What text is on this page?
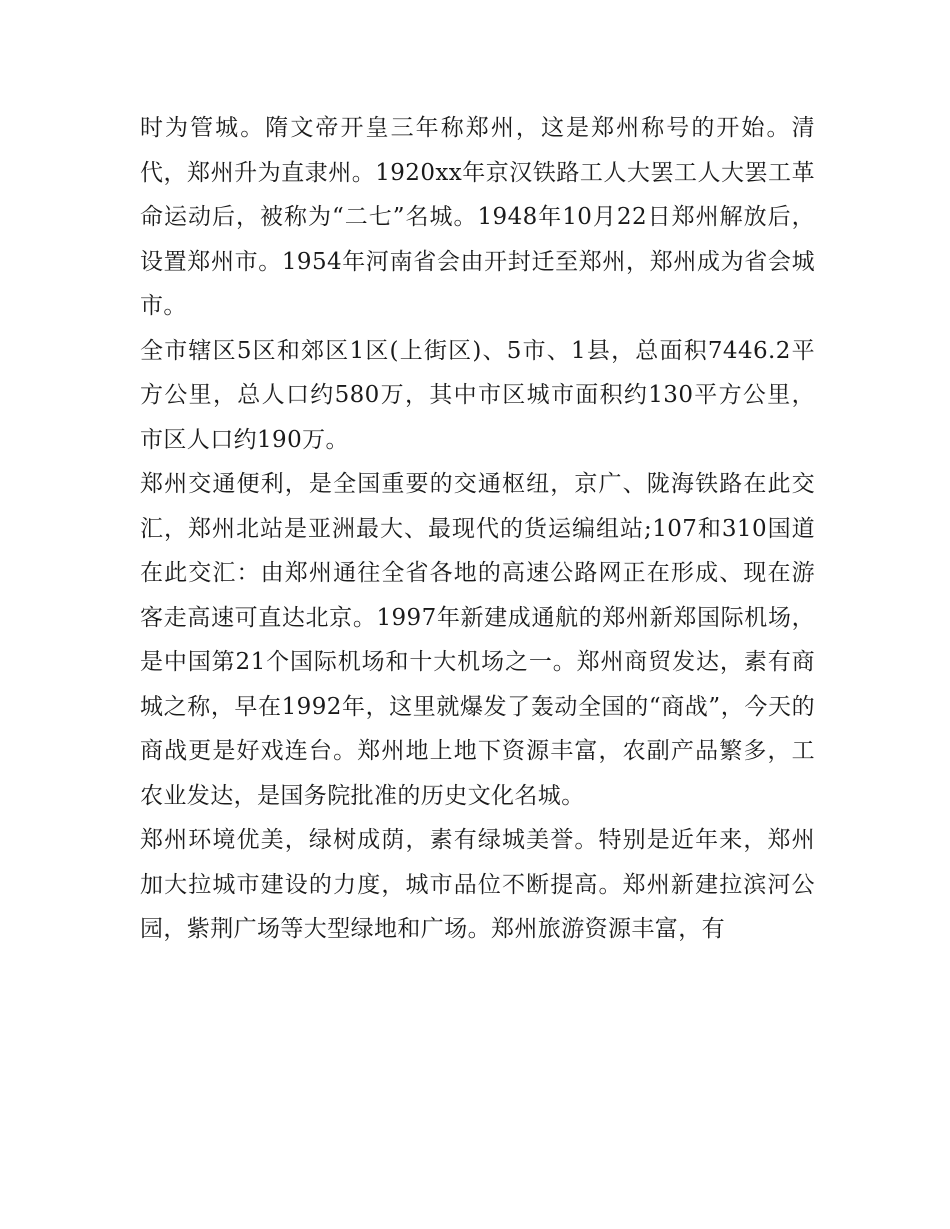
时为管城。隋文帝开皇三年称郑州，这是郑州称号的开始。清代，郑州升为直隶州。1920xx年京汉铁路工人大罢工人大罢工革命运动后，被称为“二七”名城。1948年10月22日郑州解放后，设置郑州市。1954年河南省会由开封迁至郑州，郑州成为省会城市。

全市辖区5区和郊区1区(上街区)、5市、1县，总面积7446.2平方公里，总人口约580万，其中市区城市面积约130平方公里，市区人口约190万。

郑州交通便利，是全国重要的交通枢纽，京广、陇海铁路在此交汇，郑州北站是亚洲最大、最现代的货运编组站;107和310国道在此交汇：由郑州通往全省各地的高速公路网正在形成、现在游客走高速可直达北京。1997年新建成通航的郑州新郑国际机场，是中国第21个国际机场和十大机场之一。郑州商贸发达，素有商城之称，早在1992年，这里就爆发了轰动全国的“商战”，今天的商战更是好戏连台。郑州地上地下资源丰富，农副产品繁多，工农业发达，是国务院批准的历史文化名城。

郑州环境优美，绿树成荫，素有绿城美誉。特别是近年来，郑州加大拉城市建设的力度，城市品位不断提高。郑州新建拉滨河公园，紫荆广场等大型绿地和广场。郑州旅游资源丰富，有
